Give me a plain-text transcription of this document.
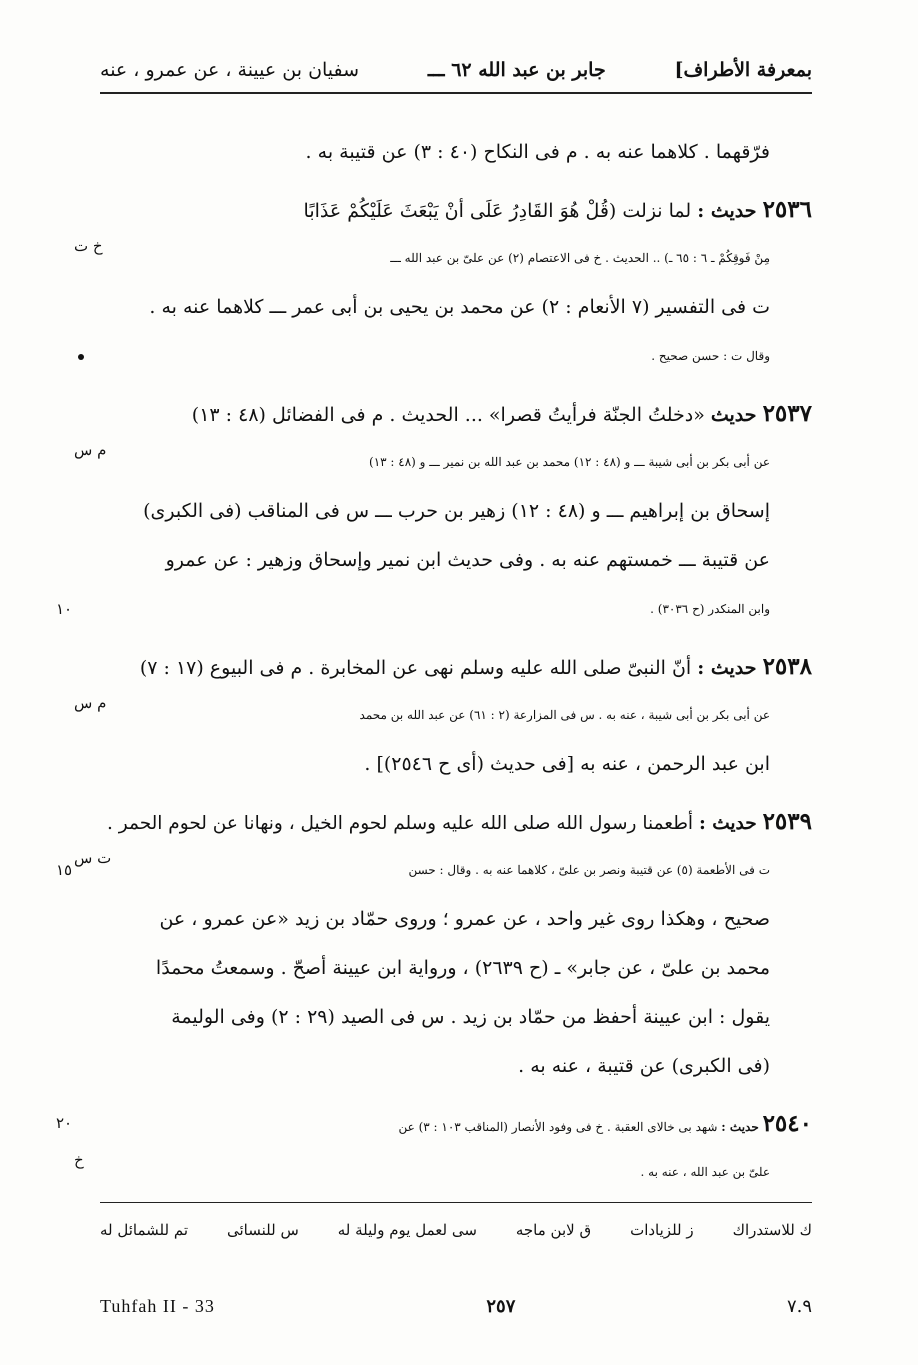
بمعرفة الأطراف]
جابر بن عبد الله ٦٢ ـــ
سفيان بن عيينة ، عن عمرو ، عنه
فرّقهما . كلاهما عنه به . م فى النكاح (٤٠ : ٣) عن قتيبة به .
٢٥٣٦ حديث : لما نزلت (قُلْ هُوَ القَادِرُ عَلَى أنْ يَبْعَثَ عَلَيْكُمْ عَذَابًا
مِنْ فَوقِكُمْ ـ ٦ : ٦٥ ـ) .. الحديث . خ فى الاعتصام (٢) عن علىّ بن عبد الله ـــ
خ ت
ت فى التفسير (٧ الأنعام : ٢) عن محمد بن يحيى بن أبى عمر ـــ كلاهما عنه به .
وقال ت : حسن صحيح .
٢٥٣٧ حديث «دخلتُ الجنّة فرأيتُ قصرا» ... الحديث . م فى الفضائل (٤٨ : ١٣)
عن أبى بكر بن أبى شيبة ـــ و (٤٨ : ١٢) محمد بن عبد الله بن نمير ـــ و (٤٨ : ١٣)
م س
إسحاق بن إبراهيم ـــ و (٤٨ : ١٢) زهير بن حرب ـــ س فى المناقب (فى الكبرى)
عن قتيبة ـــ خمستهم عنه به . وفى حديث ابن نمير وإسحاق وزهير : عن عمرو
وابن المنكدر (ح ٣٠٣٦) .
١٠
٢٥٣٨ حديث : أنّ النبىّ صلى الله عليه وسلم نهى عن المخابرة . م فى البيوع (١٧ : ٧)
عن أبى بكر بن أبى شيبة ، عنه به . س فى المزارعة (٢ : ٦١) عن عبد الله بن محمد
م س
ابن عبد الرحمن ، عنه به [فى حديث (أى ح ٢٥٤٦)] .
٢٥٣٩ حديث : أطعمنا رسول الله صلى الله عليه وسلم لحوم الخيل ، ونهانا عن لحوم الحمر .
ت فى الأطعمة (٥) عن قتيبة ونصر بن علىّ ، كلاهما عنه به . وقال : حسن
ت س
١٥
صحيح ، وهكذا روى غير واحد ، عن عمرو ؛ وروى حمّاد بن زيد «عن عمرو ، عن
محمد بن علىّ ، عن جابر» ـ (ح ٢٦٣٩) ، ورواية ابن عيينة أصحّ . وسمعتُ محمدًا
يقول : ابن عيينة أحفظ من حمّاد بن زيد . س فى الصيد (٢٩ : ٢) وفى الوليمة
(فى الكبرى) عن قتيبة ، عنه به .
٢٥٤٠ حديث : شهد بى خالاى العقبة . خ فى وفود الأنصار (المناقب ١٠٣ : ٣) عن
٢٠
علىّ بن عبد الله ، عنه به .
خ
ك للاستدراك
ز للزيادات
ق لابن ماجه
سى لعمل يوم وليلة له
س للنسائى
تم للشمائل له
Tuhfah II - 33	٢٥٧	٧.٩
